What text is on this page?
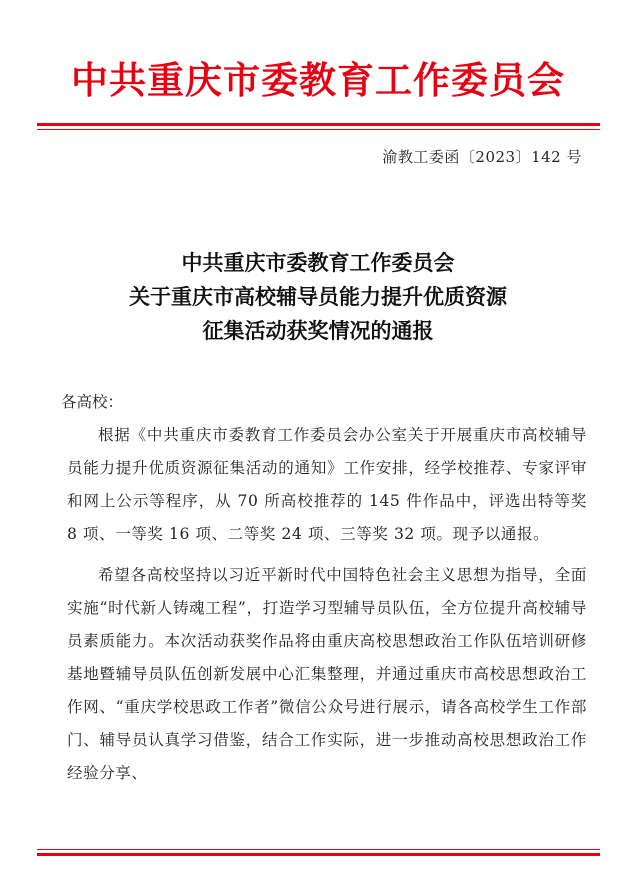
中共重庆市委教育工作委员会
渝教工委函〔2023〕142 号
中共重庆市委教育工作委员会
关于重庆市高校辅导员能力提升优质资源
征集活动获奖情况的通报

各高校：

根据《中共重庆市委教育工作委员会办公室关于开展重庆市高校辅导员能力提升优质资源征集活动的通知》工作安排，经学校推荐、专家评审和网上公示等程序，从 70 所高校推荐的 145 件作品中，评选出特等奖 8 项、一等奖 16 项、二等奖 24 项、三等奖 32 项。现予以通报。

希望各高校坚持以习近平新时代中国特色社会主义思想为指导，全面实施“时代新人铸魂工程”，打造学习型辅导员队伍，全方位提升高校辅导员素质能力。本次活动获奖作品将由重庆高校思想政治工作队伍培训研修基地暨辅导员队伍创新发展中心汇集整理，并通过重庆市高校思想政治工作网、“重庆学校思政工作者”微信公众号进行展示，请各高校学生工作部门、辅导员认真学习借鉴，结合工作实际，进一步推动高校思想政治工作经验分享、
